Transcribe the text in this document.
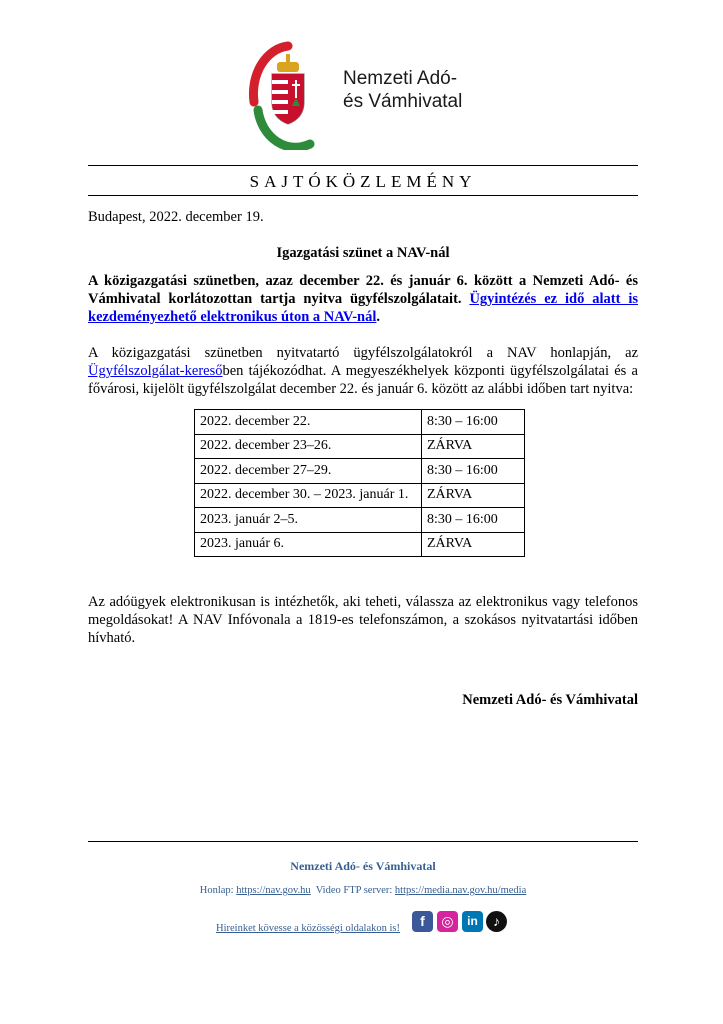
Nemzeti Adó-
és Vámhivatal
SAJTÓKÖZLEMÉNY
Budapest, 2022. december 19.
Igazgatási szünet a NAV-nál
A közigazgatási szünetben, azaz december 22. és január 6. között a Nemzeti Adó- és Vámhivatal korlátozottan tartja nyitva ügyfélszolgálatait. Ügyintézés ez idő alatt is kezdeményezhető elektronikus úton a NAV-nál.
A közigazgatási szünetben nyitvatartó ügyfélszolgálatokról a NAV honlapján, az Ügyfélszolgálat-keresőben tájékozódhat. A megyeszékhelyek központi ügyfélszolgálatai és a fővárosi, kijelölt ügyfélszolgálat december 22. és január 6. között az alábbi időben tart nyitva:
2022. december 22.	8:30 – 16:00
2022. december 23–26.	ZÁRVA
2022. december 27–29.	8:30 – 16:00
2022. december 30. – 2023. január 1.	ZÁRVA
2023. január 2–5.	8:30 – 16:00
2023. január 6.	ZÁRVA
Az adóügyek elektronikusan is intézhetők, aki teheti, válassza az elektronikus vagy telefonos megoldásokat! A NAV Infóvonala a 1819-es telefonszámon, a szokásos nyitvatartási időben hívható.
Nemzeti Adó- és Vámhivatal
Nemzeti Adó- és Vámhivatal
Honlap: https://nav.gov.hu  Video FTP server: https://media.nav.gov.hu/media
Hireinket kövesse a közösségi oldalakon is!	f	◎	in	♪
